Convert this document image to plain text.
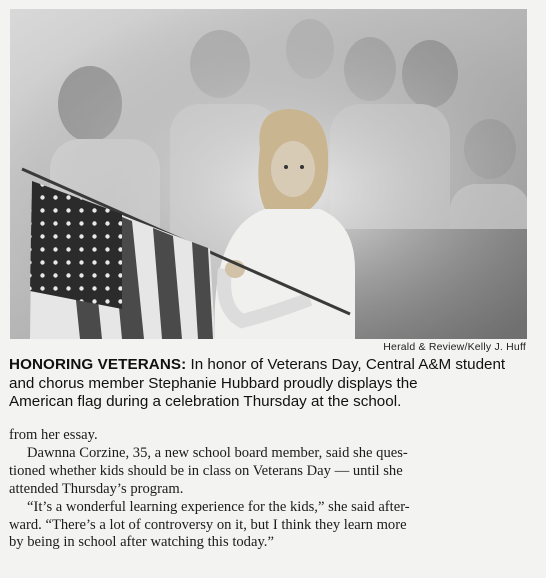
Herald & Review/Kelly J. Huff
HONORING VETERANS: In honor of Veterans Day, Central A&M student
and chorus member Stephanie Hubbard proudly displays the
American flag during a celebration Thursday at the school.
from her essay.
Dawnna Corzine, 35, a new school board member, said she ques-
tioned whether kids should be in class on Veterans Day — until she
attended Thursday’s program.
“It’s a wonderful learning experience for the kids,” she said after-
ward. “There’s a lot of controversy on it, but I think they learn more
by being in school after watching this today.”
